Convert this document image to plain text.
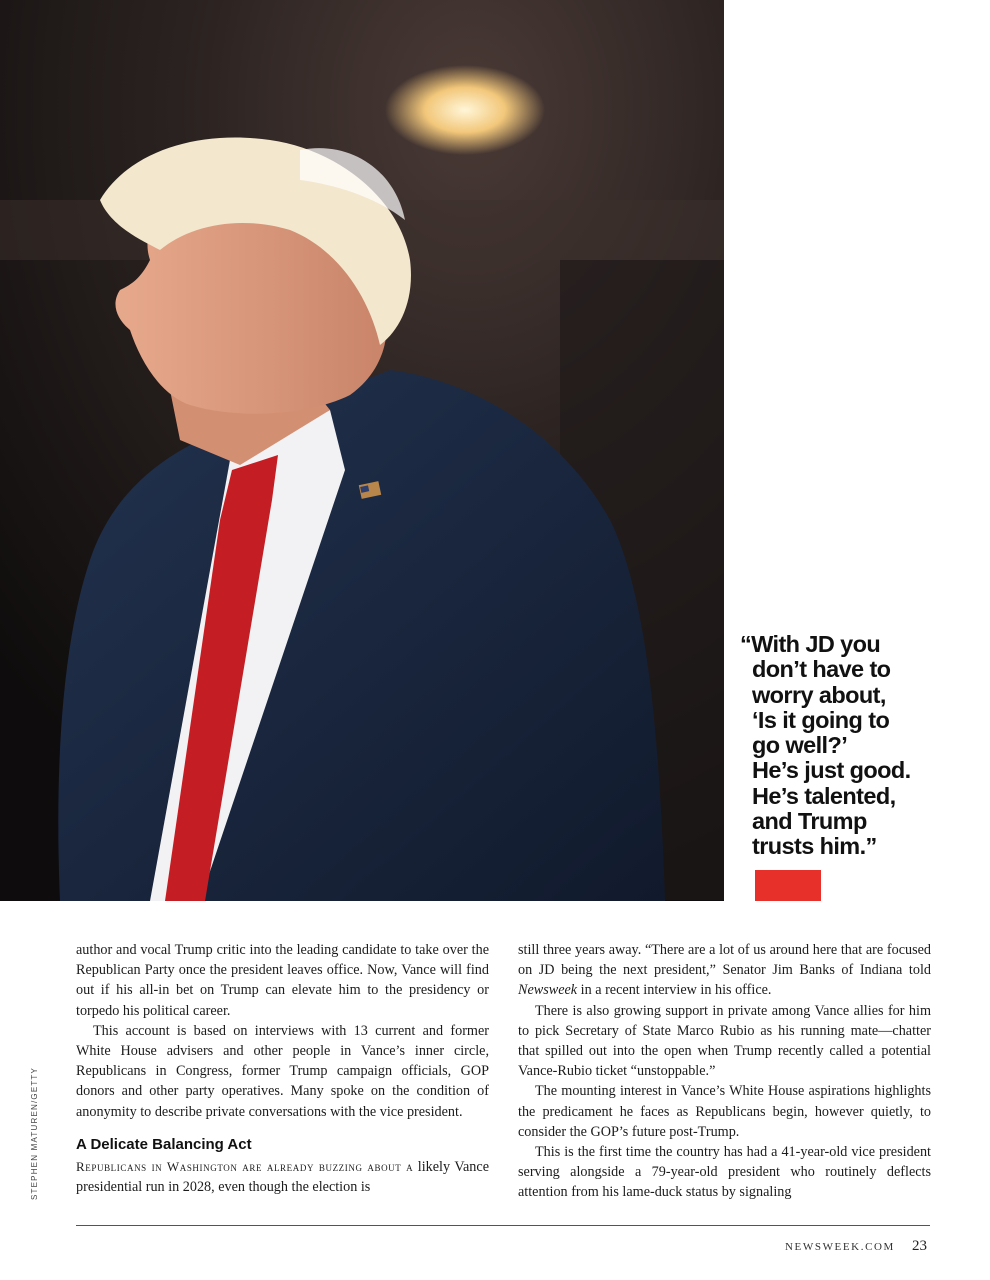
“With JD you
don’t have to
worry about,
‘Is it going to
go well?’
He’s just good.
He’s talented,
and Trump
trusts him.”
STEPHEN MATUREN/GETTY

author and vocal Trump critic into the leading candidate to take over the Republican Party once the president leaves office. Now, Vance will find out if his all-in bet on Trump can elevate him to the presidency or torpedo his political career.

This account is based on interviews with 13 current and former White House advisers and other people in Vance’s inner circle, Republicans in Congress, former Trump campaign officials, GOP donors and other party operatives. Many spoke on the condition of anonymity to describe private conversations with the vice president.

A Delicate Balancing Act

Republicans in Washington are already buzzing about a likely Vance presidential run in 2028, even though the election is

still three years away. “There are a lot of us around here that are focused on JD being the next president,” Senator Jim Banks of Indiana told Newsweek in a recent interview in his office.

There is also growing support in private among Vance allies for him to pick Secretary of State Marco Rubio as his running mate—chatter that spilled out into the open when Trump recently called a potential Vance-Rubio ticket “unstoppable.”

The mounting interest in Vance’s White House aspirations highlights the predicament he faces as Republicans begin, however quietly, to consider the GOP’s future post-Trump.

This is the first time the country has had a 41-year-old vice president serving alongside a 79-year-old president who routinely deflects attention from his lame-duck status by signaling

NEWSWEEK.COM 23
